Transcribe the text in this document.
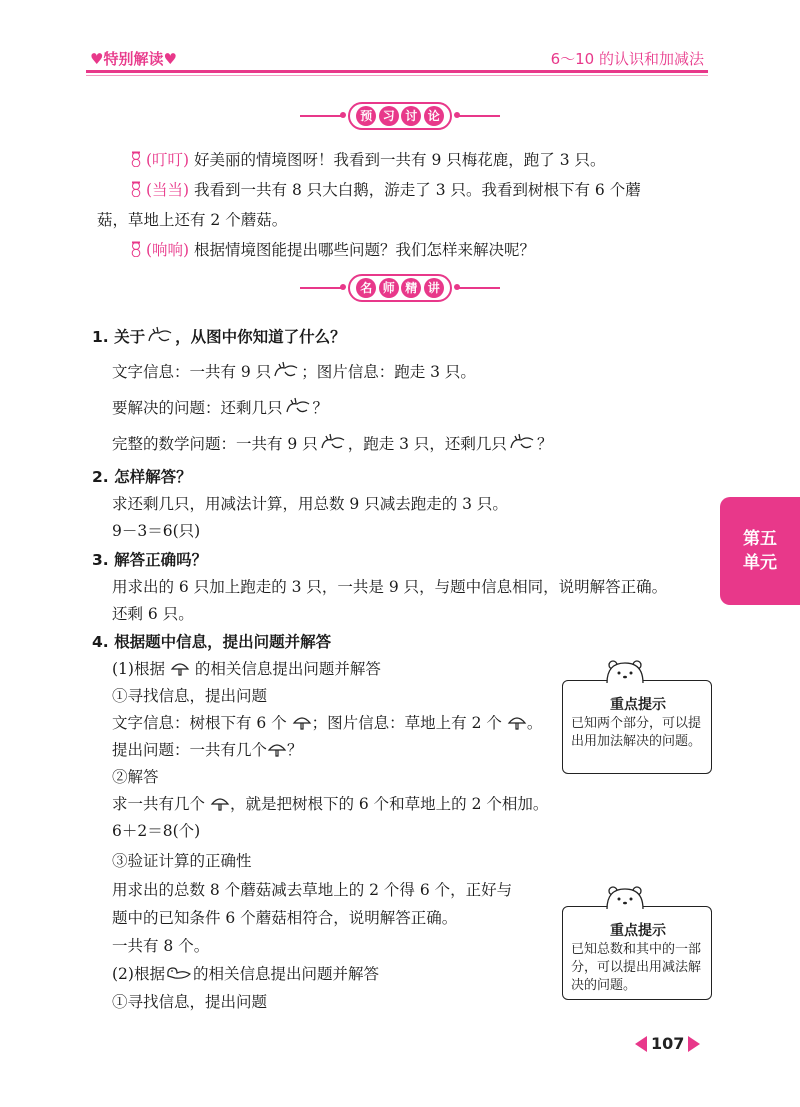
♥特别解读♥	6～10 的认识和加减法
预 习 讨 论
(叮叮) 好美丽的情境图呀！我看到一共有 9 只梅花鹿，跑了 3 只。
(当当) 我看到一共有 8 只大白鹅，游走了 3 只。我看到树根下有 6 个蘑
菇，草地上还有 2 个蘑菇。
(响响) 根据情境图能提出哪些问题？我们怎样来解决呢？
名 师 精 讲
1. 关于 ，从图中你知道了什么？
文字信息：一共有 9 只 ；图片信息：跑走 3 只。
要解决的问题：还剩几只 ？
完整的数学问题：一共有 9 只 ，跑走 3 只，还剩几只 ？
2. 怎样解答？
求还剩几只，用减法计算，用总数 9 只减去跑走的 3 只。
9－3＝6(只)
3. 解答正确吗？
用求出的 6 只加上跑走的 3 只，一共是 9 只，与题中信息相同，说明解答正确。
还剩 6 只。
4. 根据题中信息，提出问题并解答
(1)根据 的相关信息提出问题并解答
①寻找信息，提出问题
文字信息：树根下有 6 个 ；图片信息：草地上有 2 个 。
提出问题：一共有几个 ？
②解答
求一共有几个 ，就是把树根下的 6 个和草地上的 2 个相加。
6＋2＝8(个)
③验证计算的正确性
用求出的总数 8 个蘑菇减去草地上的 2 个得 6 个，正好与
题中的已知条件 6 个蘑菇相符合，说明解答正确。
一共有 8 个。
(2)根据 的相关信息提出问题并解答
①寻找信息，提出问题
重点提示
已知两个部分，可以提出用加法解决的问题。
重点提示
已知总数和其中的一部分，可以提出用减法解决的问题。
第五
单元
107
